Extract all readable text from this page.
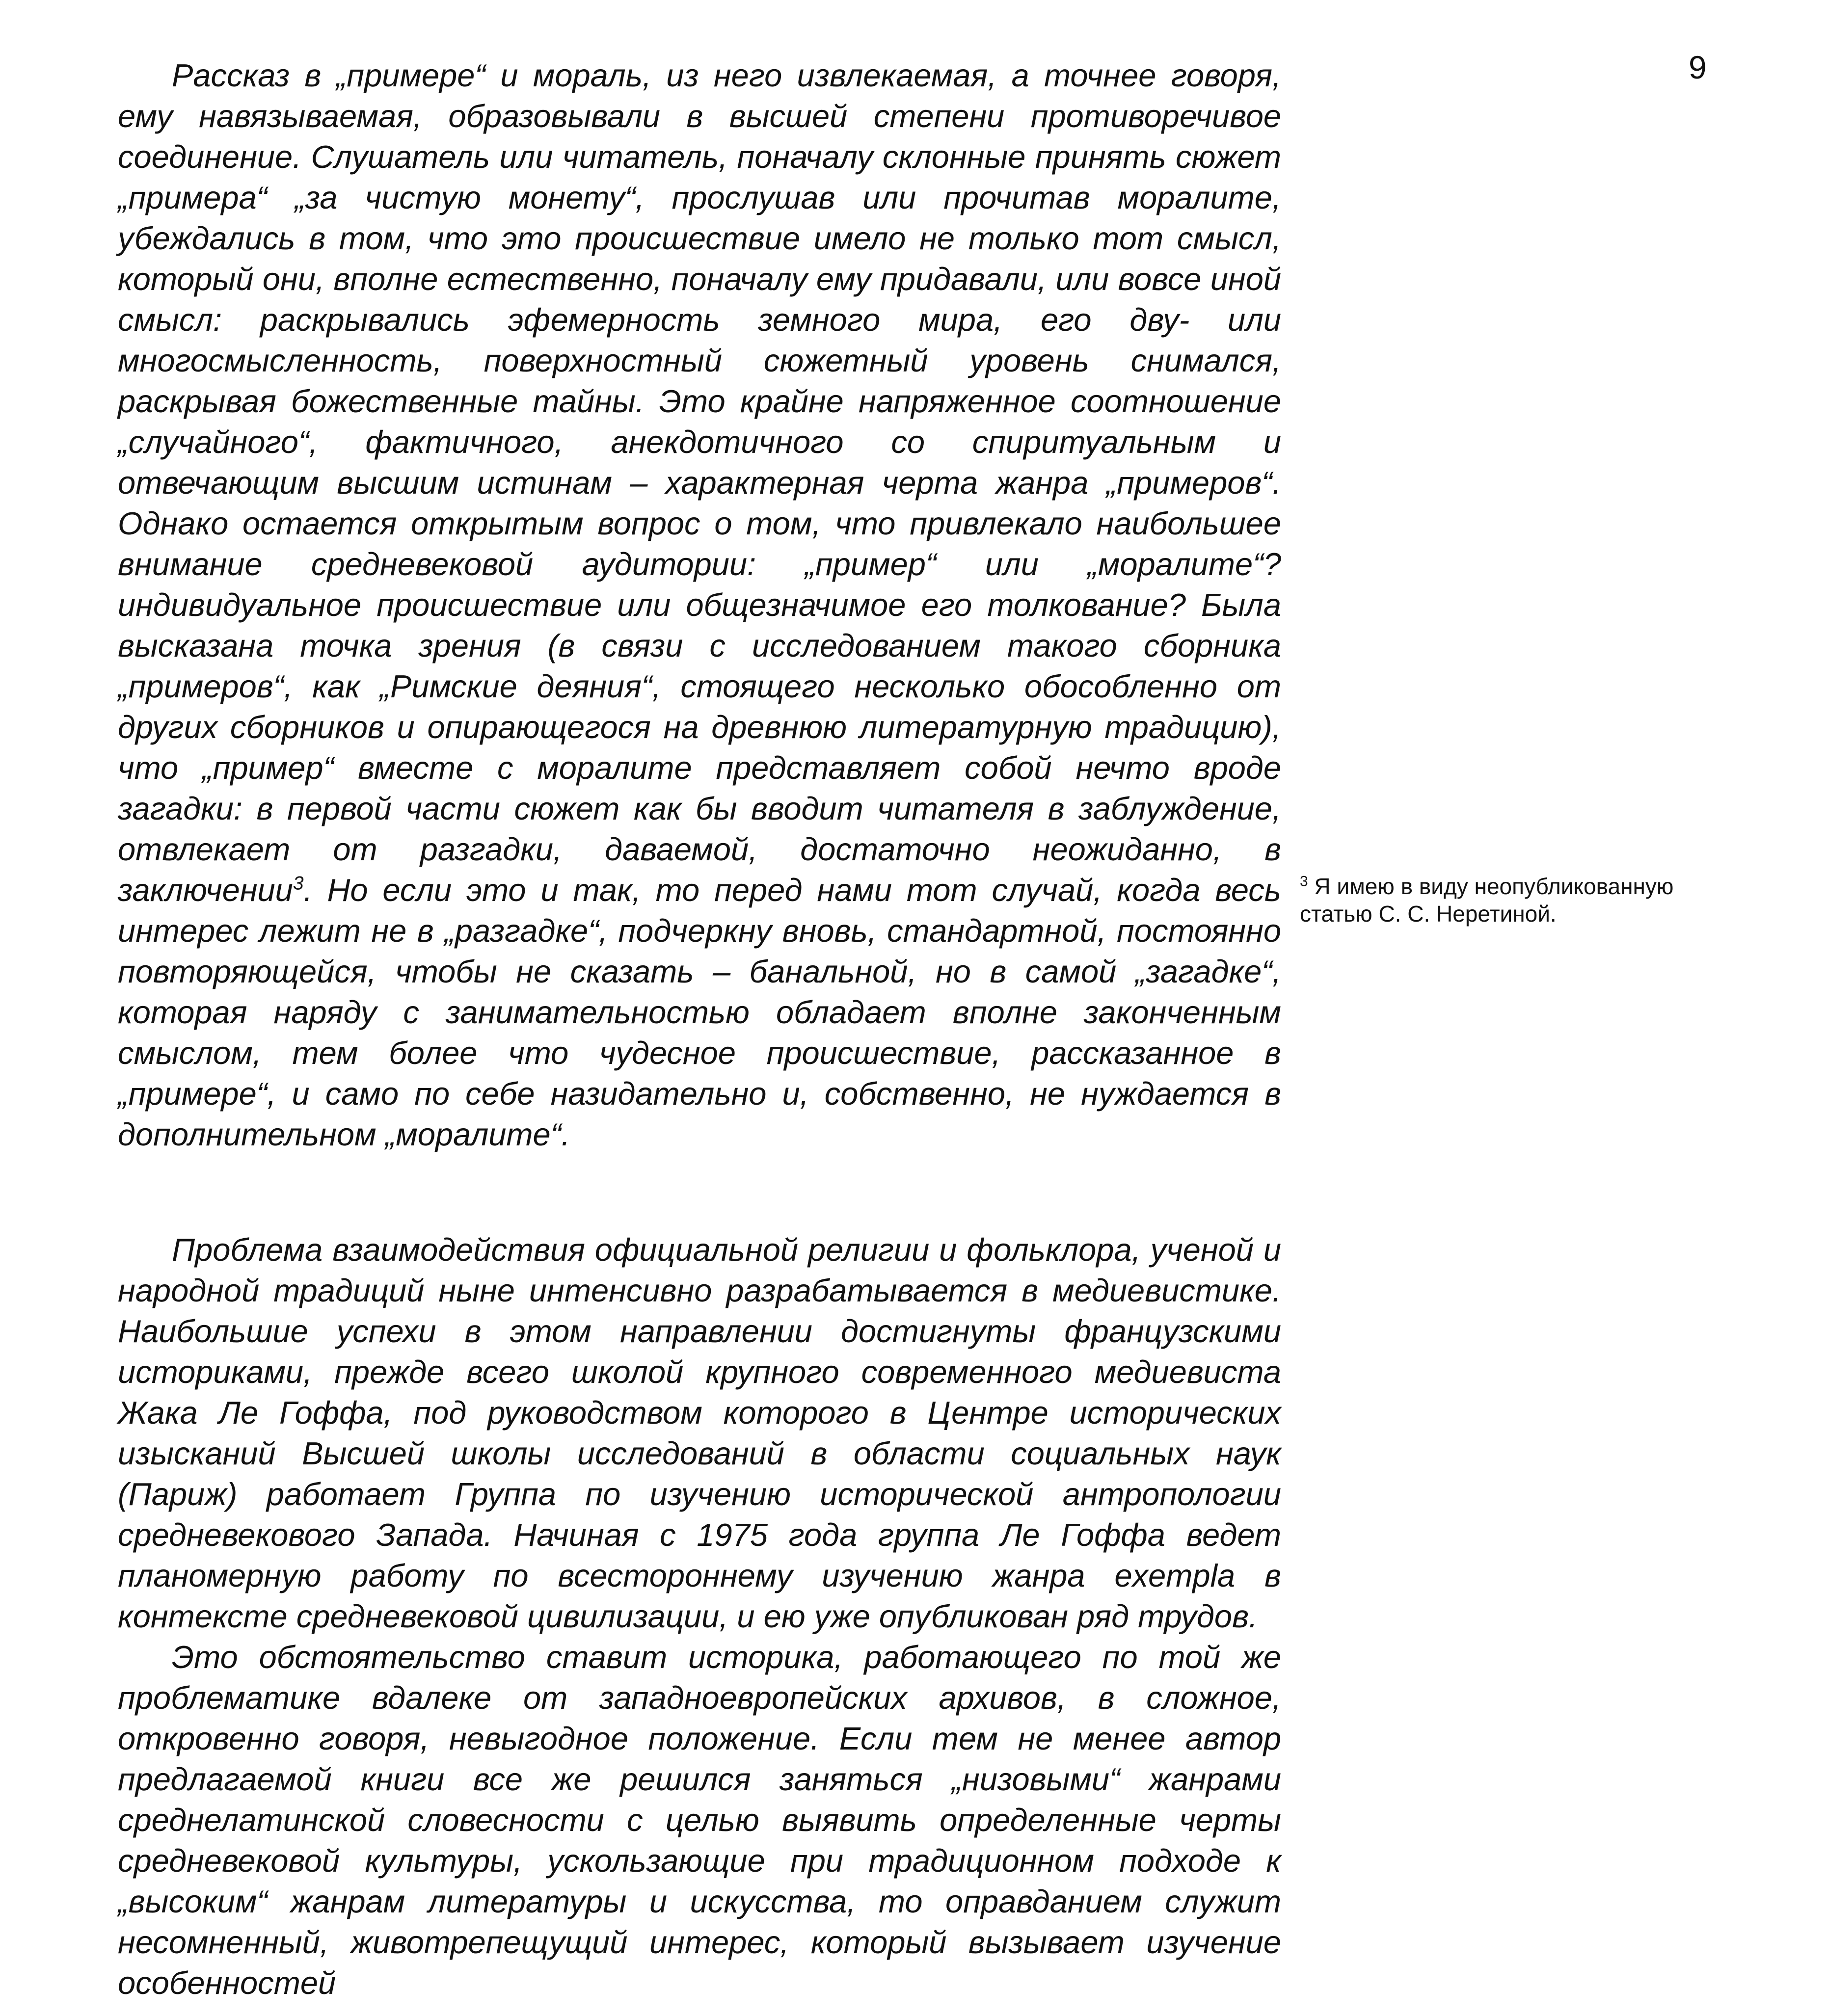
9

Рассказ в „примере“ и мораль, из него извлекаемая, а точнее говоря, ему навязываемая, образовывали в высшей степени противоречивое соединение. Слушатель или читатель, поначалу склонные принять сюжет „примера“ „за чистую монету“, прослушав или прочитав моралите, убеждались в том, что это происшествие имело не только тот смысл, который они, вполне естественно, поначалу ему придавали, или вовсе иной смысл: раскрывались эфемерность земного мира, его дву- или многосмысленность, поверхностный сюжетный уровень снимался, раскрывая божественные тайны. Это крайне напряженное соотношение „случайного“, фактичного, анекдотичного со спиритуальным и отвечающим высшим истинам – характерная черта жанра „примеров“. Однако остается открытым вопрос о том, что привлекало наибольшее внимание средневековой аудитории: „пример“ или „моралите“? индивидуальное происшествие или общезначимое его толкование? Была высказана точка зрения (в связи с исследованием такого сборника „примеров“, как „Римские деяния“, стоящего несколько обособленно от других сборников и опирающегося на древнюю литературную традицию), что „пример“ вместе с моралите представляет собой нечто вроде загадки: в первой части сюжет как бы вводит читателя в заблуждение, отвлекает от разгадки, даваемой, достаточно неожиданно, в заключении$^3$. Но если это и так, то перед нами тот случай, когда весь интерес лежит не в „разгадке“, подчеркну вновь, стандартной, постоянно повторяющейся, чтобы не сказать – банальной, но в самой „загадке“, которая наряду с занимательностью обладает вполне законченным смыслом, тем более что чудесное происшествие, рассказанное в „примере“, и само по себе назидательно и, собственно, не нуждается в дополнительном „моралите“.

$^3$ Я имею в виду неопубликованную статью С. С. Неретиной.

Проблема взаимодействия официальной религии и фольклора, ученой и народной традиций ныне интенсивно разрабатывается в медиевистике. Наибольшие успехи в этом направлении достигнуты французскими историками, прежде всего школой крупного современного медиевиста Жака Ле Гоффа, под руководством которого в Центре исторических изысканий Высшей школы исследований в области социальных наук (Париж) работает Группа по изучению исторической антропологии средневекового Запада. Начиная с 1975 года группа Ле Гоффа ведет планомерную работу по всестороннему изучению жанра exempla в контексте средневековой цивилизации, и ею уже опубликован ряд трудов.

Это обстоятельство ставит историка, работающего по той же проблематике вдалеке от западноевропейских архивов, в сложное, откровенно говоря, невыгодное положение. Если тем не менее автор предлагаемой книги все же решился заняться „низовыми“ жанрами среднелатинской словесности с целью выявить определенные черты средневековой культуры, ускользающие при традиционном подходе к „высоким“ жанрам литературы и искусства, то оправданием служит несомненный, животрепещущий интерес, который вызывает изучение особенностей
